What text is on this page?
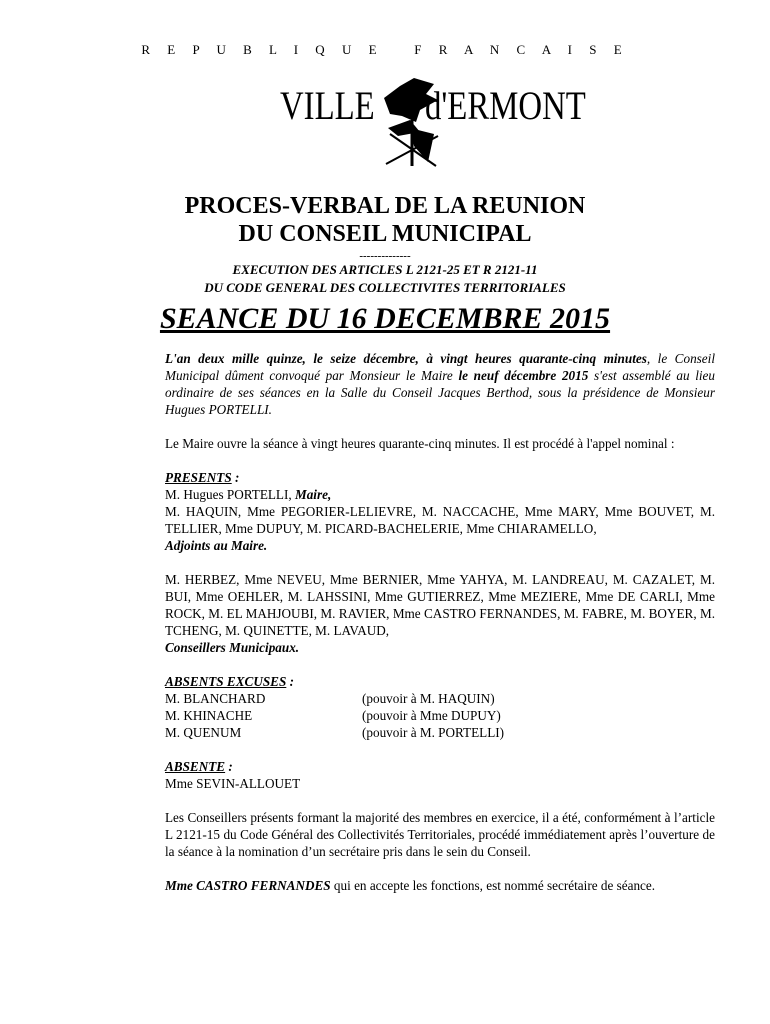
R E P U B L I Q U E   F R A N C A I S E
VILLE d'ERMONT
PROCES-VERBAL DE LA REUNION
DU CONSEIL MUNICIPAL
--------------
EXECUTION DES ARTICLES L 2121-25 ET R 2121-11
DU CODE GENERAL DES COLLECTIVITES TERRITORIALES
SEANCE DU 16 DECEMBRE 2015

L'an deux mille quinze, le seize décembre, à vingt heures quarante-cinq minutes, le Conseil Municipal dûment convoqué par Monsieur le Maire le neuf décembre 2015 s'est assemblé au lieu ordinaire de ses séances en la Salle du Conseil Jacques Berthod, sous la présidence de Monsieur Hugues PORTELLI.

Le Maire ouvre la séance à vingt heures quarante-cinq minutes. Il est procédé à l'appel nominal :

PRESENTS :

M. Hugues PORTELLI, Maire,

M. HAQUIN, Mme PEGORIER-LELIEVRE, M. NACCACHE, Mme MARY, Mme BOUVET, M. TELLIER, Mme DUPUY, M. PICARD-BACHELERIE, Mme CHIARAMELLO,

Adjoints au Maire.

M. HERBEZ, Mme NEVEU, Mme BERNIER, Mme YAHYA, M. LANDREAU, M. CAZALET, M. BUI, Mme OEHLER, M. LAHSSINI, Mme GUTIERREZ, Mme MEZIERE, Mme DE CARLI, Mme ROCK, M. EL MAHJOUBI, M. RAVIER, Mme CASTRO FERNANDES, M. FABRE, M. BOYER, M. TCHENG, M. QUINETTE, M. LAVAUD,

Conseillers Municipaux.

ABSENTS EXCUSES :

M. BLANCHARD	(pouvoir à M. HAQUIN)
M. KHINACHE	(pouvoir à Mme DUPUY)
M. QUENUM	(pouvoir à M. PORTELLI)

ABSENTE :

Mme SEVIN-ALLOUET

Les Conseillers présents formant la majorité des membres en exercice, il a été, conformément à l’article L 2121-15 du Code Général des Collectivités Territoriales, procédé immédiatement après l’ouverture de la séance à la nomination d’un secrétaire pris dans le sein du Conseil.

Mme CASTRO FERNANDES qui en accepte les fonctions, est nommé secrétaire de séance.
